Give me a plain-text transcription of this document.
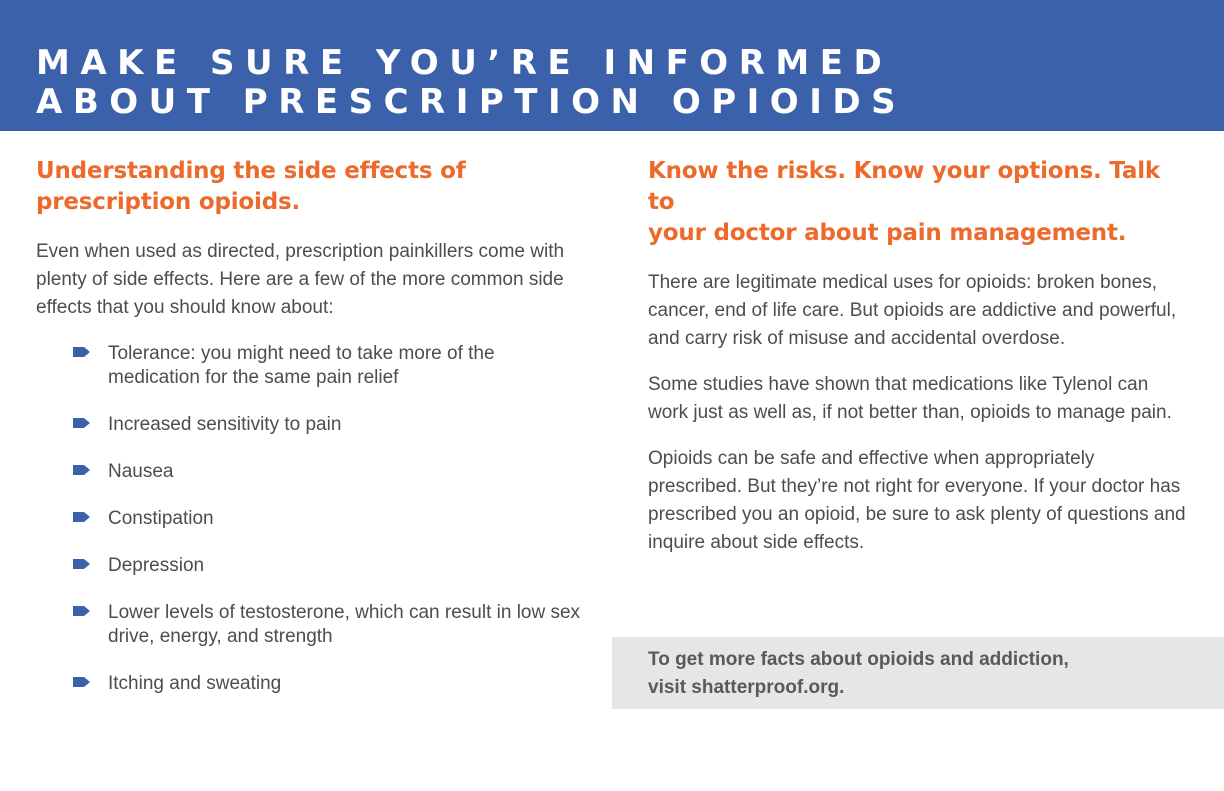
MAKE SURE YOU’RE INFORMED
ABOUT PRESCRIPTION OPIOIDS
Understanding the side effects of
prescription opioids.

Even when used as directed, prescription painkillers come with plenty of side effects. Here are a few of the more common side effects that you should know about:

Tolerance: you might need to take more of the medication for the same pain relief
Increased sensitivity to pain
Nausea
Constipation
Depression
Lower levels of testosterone, which can result in low sex drive, energy, and strength
Itching and sweating
Know the risks. Know your options. Talk to
your doctor about pain management.

There are legitimate medical uses for opioids: broken bones, cancer, end of life care. But opioids are addictive and powerful, and carry risk of misuse and accidental overdose.

Some studies have shown that medications like Tylenol can work just as well as, if not better than, opioids to manage pain.

Opioids can be safe and effective when appropriately prescribed. But they’re not right for everyone. If your doctor has prescribed you an opioid, be sure to ask plenty of questions and inquire about side effects.

To get more facts about opioids and addiction,
visit shatterproof.org.
